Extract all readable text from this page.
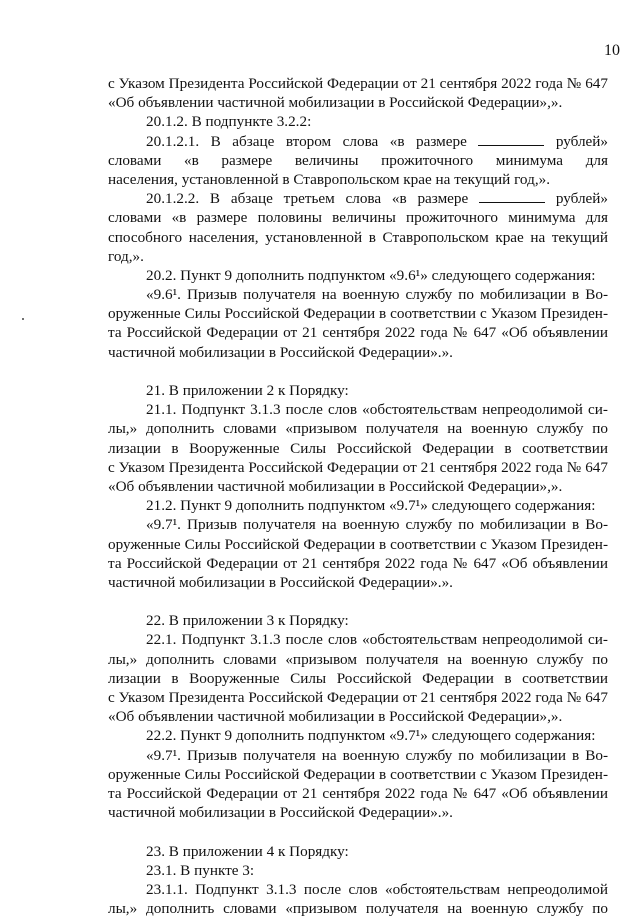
10
с Указом Президента Российской Федерации от 21 сентября 2022 года № 647
«Об объявлении частичной мобилизации в Российской Федерации»,».
20.1.2. В подпункте 3.2.2:
20.1.2.1. В абзаце втором слова «в размере	рублей»
словами «в размере величины прожиточного минимума для
населения, установленной в Ставропольском крае на текущий год,».
20.1.2.2. В абзаце третьем слова «в размере	рублей»
словами «в размере половины величины прожиточного минимума для
способного населения, установленной в Ставропольском крае на текущий
год,».
20.2. Пункт 9 дополнить подпунктом «9.6¹» следующего содержания:
«9.6¹. Призыв получателя на военную службу по мобилизации в Во-
оруженные Силы Российской Федерации в соответствии с Указом Президен-
та Российской Федерации от 21 сентября 2022 года № 647 «Об объявлении
частичной мобилизации в Российской Федерации».».
21. В приложении 2 к Порядку:
21.1. Подпункт 3.1.3 после слов «обстоятельствам непреодолимой си-
лы,» дополнить словами «призывом получателя на военную службу по
лизации в Вооруженные Силы Российской Федерации в соответствии
с Указом Президента Российской Федерации от 21 сентября 2022 года № 647
«Об объявлении частичной мобилизации в Российской Федерации»,».
21.2. Пункт 9 дополнить подпунктом «9.7¹» следующего содержания:
«9.7¹. Призыв получателя на военную службу по мобилизации в Во-
оруженные Силы Российской Федерации в соответствии с Указом Президен-
та Российской Федерации от 21 сентября 2022 года № 647 «Об объявлении
частичной мобилизации в Российской Федерации».».
22. В приложении 3 к Порядку:
22.1. Подпункт 3.1.3 после слов «обстоятельствам непреодолимой си-
лы,» дополнить словами «призывом получателя на военную службу по
лизации в Вооруженные Силы Российской Федерации в соответствии
с Указом Президента Российской Федерации от 21 сентября 2022 года № 647
«Об объявлении частичной мобилизации в Российской Федерации»,».
22.2. Пункт 9 дополнить подпунктом «9.7¹» следующего содержания:
«9.7¹. Призыв получателя на военную службу по мобилизации в Во-
оруженные Силы Российской Федерации в соответствии с Указом Президен-
та Российской Федерации от 21 сентября 2022 года № 647 «Об объявлении
частичной мобилизации в Российской Федерации».».
23. В приложении 4 к Порядку:
23.1. В пункте 3:
23.1.1. Подпункт 3.1.3 после слов «обстоятельствам непреодолимой
лы,» дополнить словами «призывом получателя на военную службу по
